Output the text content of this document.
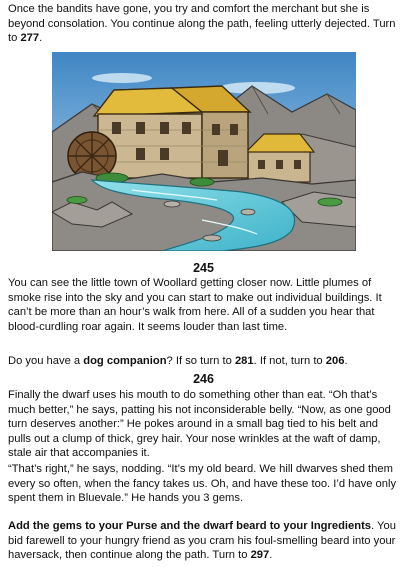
Once the bandits have gone, you try and comfort the merchant but she is beyond consolation. You continue along the path, feeling utterly dejected. Turn to 277.

245

You can see the little town of Woollard getting closer now. Little plumes of smoke rise into the sky and you can start to make out individual buildings. It can’t be more than an hour’s walk from here. All of a sudden you hear that blood-curdling roar again. It seems louder than last time.

Do you have a dog companion? If so turn to 281. If not, turn to 206.

246

Finally the dwarf uses his mouth to do something other than eat. “Oh that’s much better,” he says, patting his not inconsiderable belly. “Now, as one good turn deserves another:” He pokes around in a small bag tied to his belt and pulls out a clump of thick, grey hair. Your nose wrinkles at the waft of damp, stale air that accompanies it.

“That’s right,” he says, nodding. “It’s my old beard. We hill dwarves shed them every so often, when the fancy takes us. Oh, and have these too. I’d have only spent them in Bluevale.” He hands you 3 gems.

Add the gems to your Purse and the dwarf beard to your Ingredients. You bid farewell to your hungry friend as you cram his foul-smelling beard into your haversack, then continue along the path. Turn to 297.
